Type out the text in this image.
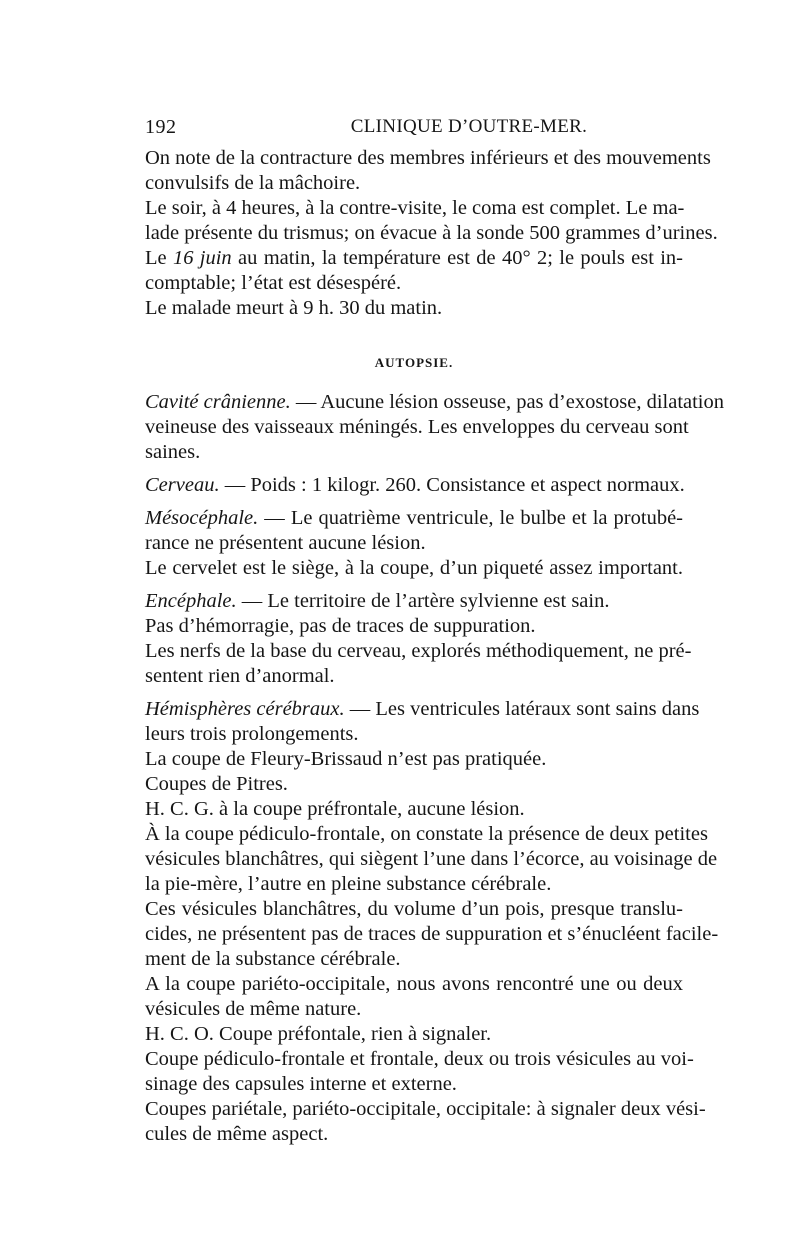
192	CLINIQUE D’OUTRE-MER.
On note de la contracture des membres inférieurs et des mouvements
convulsifs de la mâchoire.
Le soir, à 4 heures, à la contre-visite, le coma est complet. Le ma-
lade présente du trismus; on évacue à la sonde 500 grammes d’urines.
Le 16 juin au matin, la température est de 40° 2; le pouls est in-
comptable; l’état est désespéré.
Le malade meurt à 9 h. 30 du matin.
AUTOPSIE.
Cavité crânienne. — Aucune lésion osseuse, pas d’exostose, dilatation
veineuse des vaisseaux méningés. Les enveloppes du cerveau sont
saines.
Cerveau. — Poids : 1 kilogr. 260. Consistance et aspect normaux.
Mésocéphale. — Le quatrième ventricule, le bulbe et la protubé-
rance ne présentent aucune lésion.
Le cervelet est le siège, à la coupe, d’un piqueté assez important.
Encéphale. — Le territoire de l’artère sylvienne est sain.
Pas d’hémorragie, pas de traces de suppuration.
Les nerfs de la base du cerveau, explorés méthodiquement, ne pré-
sentent rien d’anormal.
Hémisphères cérébraux. — Les ventricules latéraux sont sains dans
leurs trois prolongements.
La coupe de Fleury-Brissaud n’est pas pratiquée.
Coupes de Pitres.
H. C. G. à la coupe préfrontale, aucune lésion.
À la coupe pédiculo-frontale, on constate la présence de deux petites
vésicules blanchâtres, qui siègent l’une dans l’écorce, au voisinage de
la pie-mère, l’autre en pleine substance cérébrale.
Ces vésicules blanchâtres, du volume d’un pois, presque translu-
cides, ne présentent pas de traces de suppuration et s’énucléent facile-
ment de la substance cérébrale.
A la coupe pariéto-occipitale, nous avons rencontré une ou deux
vésicules de même nature.
H. C. O. Coupe préfontale, rien à signaler.
Coupe pédiculo-frontale et frontale, deux ou trois vésicules au voi-
sinage des capsules interne et externe.
Coupes pariétale, pariéto-occipitale, occipitale: à signaler deux vési-
cules de même aspect.
